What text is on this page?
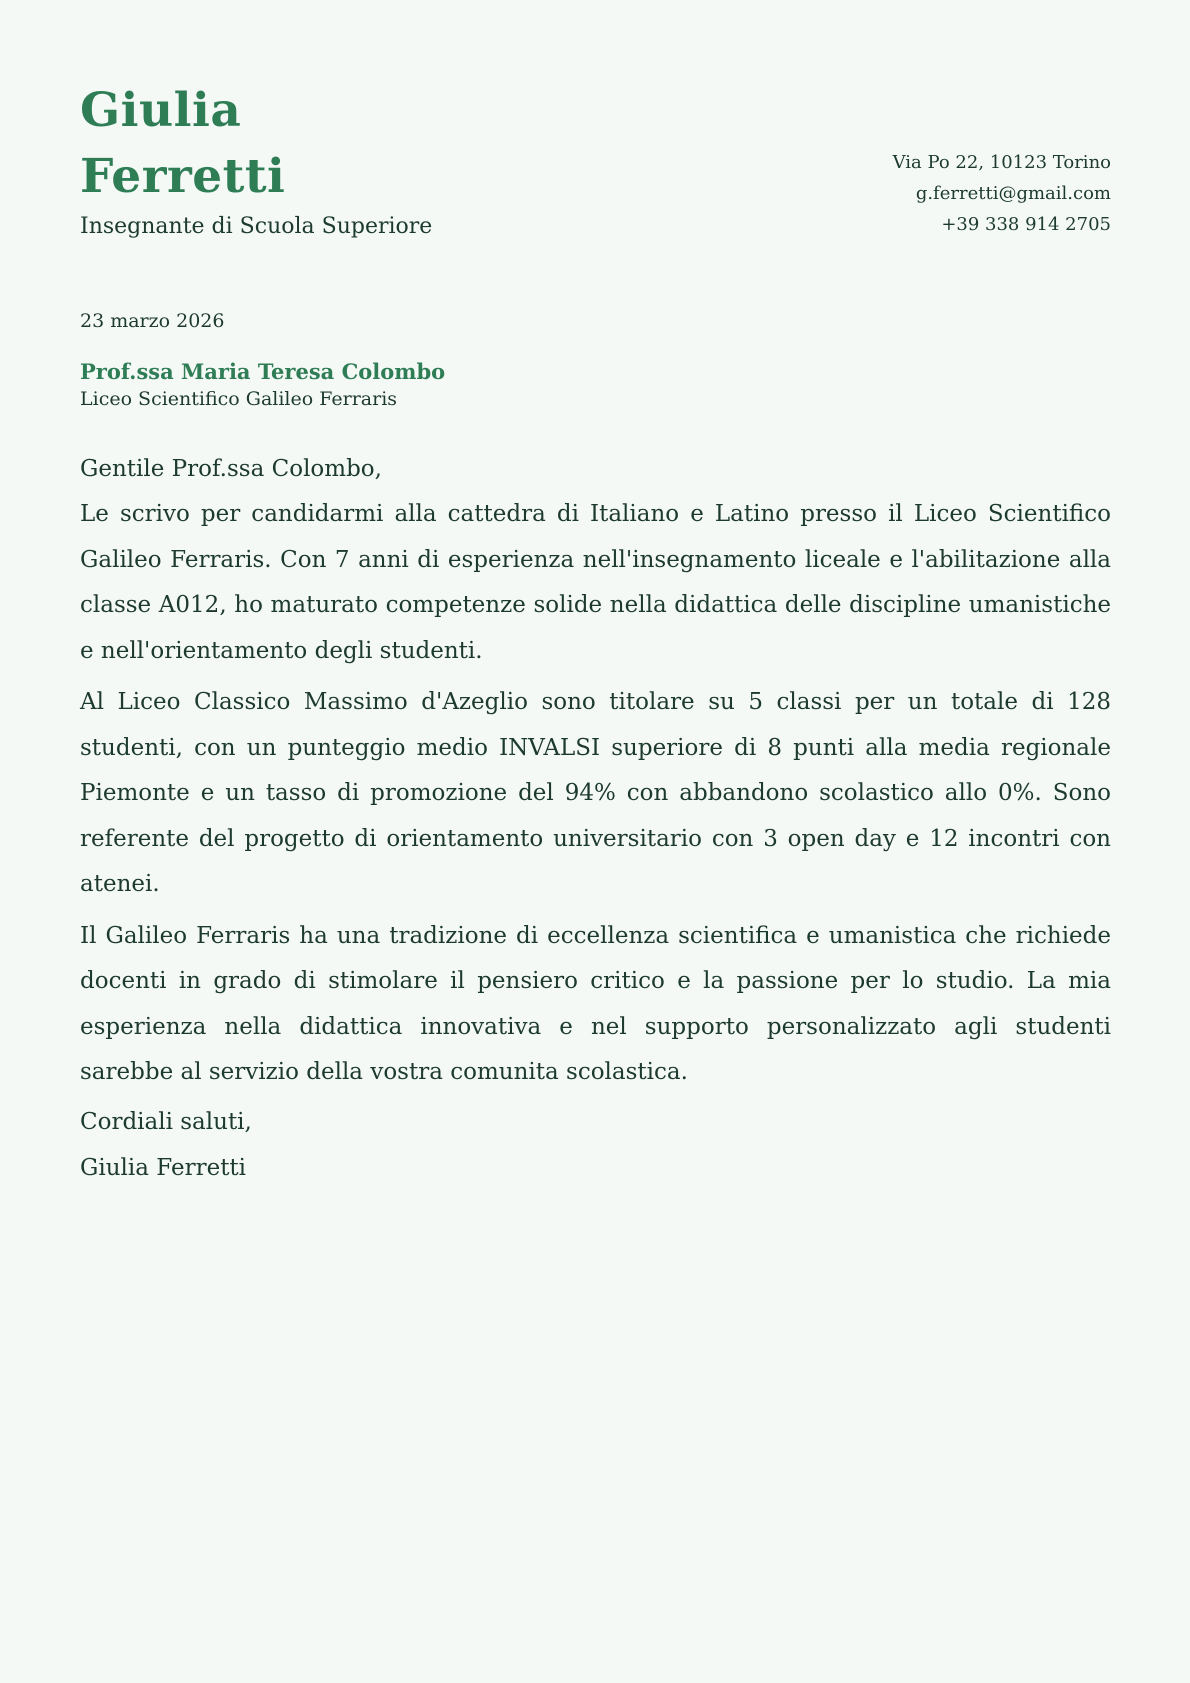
Giulia
Ferretti
Insegnante di Scuola Superiore
Via Po 22, 10123 Torino
g.ferretti@gmail.com
+39 338 914 2705
23 marzo 2026
Prof.ssa Maria Teresa Colombo
Liceo Scientifico Galileo Ferraris
Gentile Prof.ssa Colombo,

Le scrivo per candidarmi alla cattedra di Italiano e Latino presso il Liceo Scientifico Galileo Ferraris. Con 7 anni di esperienza nell'insegnamento liceale e l'abilitazione alla classe A012, ho maturato competenze solide nella didattica delle discipline umanistiche e nell'orientamento degli studenti.

Al Liceo Classico Massimo d'Azeglio sono titolare su 5 classi per un totale di 128 studenti, con un punteggio medio INVALSI superiore di 8 punti alla media regionale Piemonte e un tasso di promozione del 94% con abbandono scolastico allo 0%. Sono referente del progetto di orientamento universitario con 3 open day e 12 incontri con atenei.

Il Galileo Ferraris ha una tradizione di eccellenza scientifica e umanistica che richiede docenti in grado di stimolare il pensiero critico e la passione per lo studio. La mia esperienza nella didattica innovativa e nel supporto personalizzato agli studenti sarebbe al servizio della vostra comunita scolastica.

Cordiali saluti,
Giulia Ferretti
